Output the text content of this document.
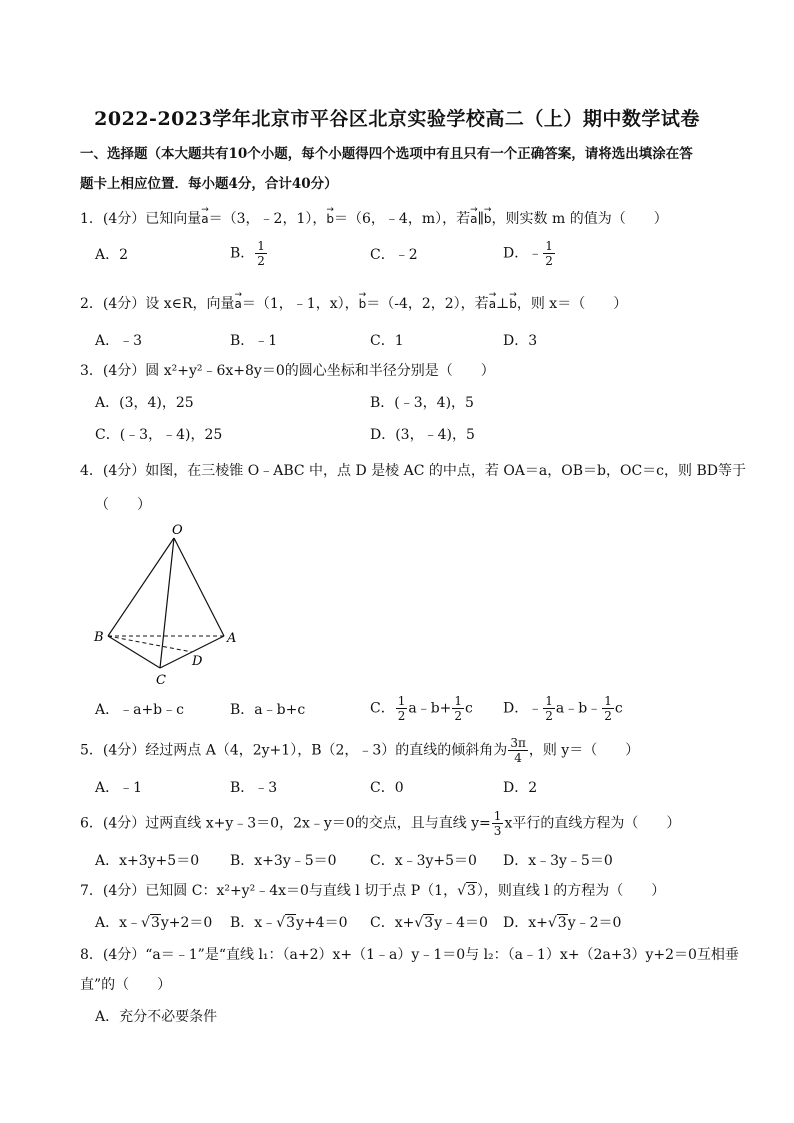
2022-2023学年北京市平谷区北京实验学校高二（上）期中数学试卷
一、选择题（本大题共有10个小题，每个小题得四个选项中有且只有一个正确答案，请将选出填涂在答
题卡上相应位置．每小题4分，合计40分）
1．(4分）已知向量→ a＝（3，﹣2，1），→ b＝（6，﹣4，m），若→ a∥→ b，则实数 m 的值为（　　）
A．2	B． $\frac{1}{2}$	C．﹣2	D．﹣ $\frac{1}{2}$
2．(4分）设 x∈R，向量→ a＝（1，﹣1，x），→ b＝（-4，2，2），若→ a⊥→ b，则 x＝（　　）
A．﹣3	B．﹣1	C．1	D．3
3．(4分）圆 x²+y²﹣6x+8y＝0的圆心坐标和半径分别是（　　）
A．(3，4)，25	B．(﹣3，4)，5
C．(﹣3，﹣4)，25	D．(3，﹣4)，5
4．(4分）如图，在三棱锥 O﹣ABC 中，点 D 是棱 AC 的中点，若 OA＝a，OB＝b，OC＝c，则 BD等于
（　　）
O
A
B
C
D
A．﹣a+b﹣c	B．a﹣b+c	C． $\frac{1}{2}$ a﹣b+ $\frac{1}{2}$ c D．﹣ $\frac{1}{2}$ a﹣b﹣ $\frac{1}{2}$ c
5．(4分）经过两点 A（4，2y+1），B（2，﹣3）的直线的倾斜角为 $\frac{3\pi}{4}$ ，则 y＝（　　）
A．﹣1	B．﹣3	C．0	D．2
6．(4分）过两直线 x+y﹣3＝0，2x﹣y＝0的交点，且与直线 $y= \frac{1}{3}$ x平行的直线方程为（　　）
A．x+3y+5＝0 B．x+3y﹣5＝0 C．x﹣3y+5＝0 D．x﹣3y﹣5＝0
7．(4分）已知圆 C：x²+y²﹣4x＝0与直线 l 切于点 P（1，√3），则直线 l 的方程为（　　）
A．x﹣√3y+2＝0 B．x﹣√3y+4＝0 C．x+√3y﹣4＝0 D．x+√3y﹣2＝0
8．(4分）“a＝﹣1”是“直线 l₁：（a+2）x+（1﹣a）y﹣1＝0与 l₂：（a﹣1）x+（2a+3）y+2＝0互相垂
直”的（　　）
A．充分不必要条件
